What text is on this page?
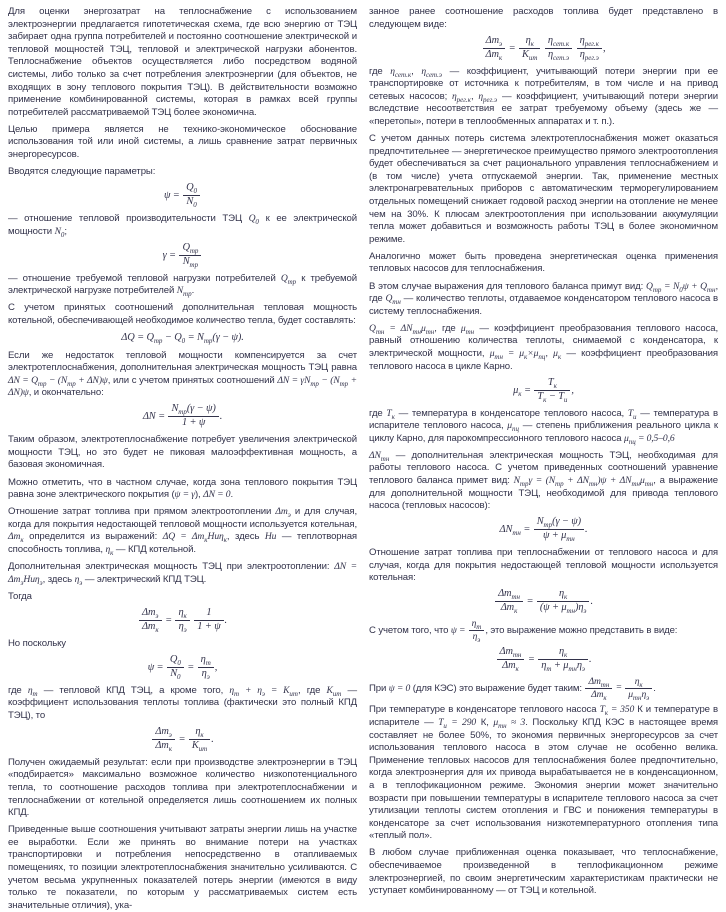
Для оценки энергозатрат на теплоснабжение с использованием электроэнергии предлагается гипотетическая схема, где всю энергию от ТЭЦ забирает одна группа потребителей и постоянно соотношение электрической и тепловой мощностей ТЭЦ, тепловой и электрической нагрузки абонентов. Теплоснабжение объектов осуществляется либо посредством водяной системы, либо только за счет потребления электроэнергии (для объектов, не входящих в зону теплового покрытия ТЭЦ). В действительности возможно применение комбинированной системы, которая в рамках всей группы потребителей рассматриваемой ТЭЦ более экономична.

Целью примера является не технико-экономическое обоснование использования той или иной системы, а лишь сравнение затрат первичных энергоресурсов.

Вводятся следующие параметры:

$\psi = \frac{Q_0}{N_0}$

— отношение тепловой производительности ТЭЦ $Q_0$ к ее электрической мощности $N_0$;

$\gamma = \frac{Q_{тр}}{N_{тр}}$

— отношение требуемой тепловой нагрузки потребителей $Q_{тр}$ к требуемой электрической нагрузке потребителей $N_{тр}$.

С учетом принятых соотношений дополнительная тепловая мощность котельной, обеспечивающей необходимое количество тепла, будет составлять:

$\Delta Q = Q_{тр} - Q_0 = N_{тр}(\gamma - \psi)$.

Если же недостаток тепловой мощности компенсируется за счет электротеплоснабжения, дополнительная электрическая мощность ТЭЦ равна $\Delta N = Q_{тр} - (N_{тр} + \Delta N)\psi$, или с учетом принятых соотношений $\Delta N = \gamma N_{тр} - (N_{тр} + \Delta N)\psi$, и окончательно:

$\Delta N = \frac{N_{тр}(\gamma - \psi)}{1 + \psi}$ .

Таким образом, электротеплоснабжение потребует увеличения электрической мощности ТЭЦ, но это будет не пиковая малоэффективная мощность, а базовая экономичная.

Можно отметить, что в частном случае, когда зона теплового покрытия ТЭЦ равна зоне электрического покрытия (ψ = γ), ΔN = 0.

Отношение затрат топлива при прямом электроотоплении $\Delta m_э$ и для случая, когда для покрытия недостающей тепловой мощности используется котельная, $\Delta m_к$ определится из выражений: $\Delta Q = \Delta m_кHu\eta_к$, здесь Hu — теплотворная способность топлива, $\eta_к$ — КПД котельной.

Дополнительная электрическая мощность ТЭЦ при электроотоплении: $\Delta N = \Delta m_эHu\eta_э$, здесь $\eta_э$ — электрический КПД ТЭЦ.

Тогда

$\frac{\Delta m_э}{\Delta m_к} = \frac{\eta_к}{\eta_э}$
$\frac{1}{1 + \psi}$ .

Но поскольку

$\psi = \frac{Q_0}{N_0} = \frac{\eta_т}{\eta_э}$ ,

где $\eta_т$ — тепловой КПД ТЭЦ, а кроме того, $\eta_т + \eta_э = K_{ит}$, где $K_{ит}$ — коэффициент использования теплоты топлива (фактически это полный КПД ТЭЦ), то

$\frac{\Delta m_э}{\Delta m_к} = \frac{\eta_к}{K_{ит}}$ .

Получен ожидаемый результат: если при производстве электроэнергии в ТЭЦ «подбирается» максимально возможное количество низкопотенциального тепла, то соотношение расходов топлива при электротеплоснабжении и теплоснабжении от котельной определяется лишь соотношением их полных КПД.

Приведенные выше соотношения учитывают затраты энергии лишь на участке ее выработки. Если же принять во внимание потери на участках транспортировки и потребления непосредственно в отапливаемых помещениях, то позиции электротеплоснабжения значительно усиливаются. С учетом весьма укрупненных показателей потерь энергии (имеются в виду только те показатели, по которым у рассматриваемых систем есть значительные отличия), ука-

занное ранее соотношение расходов топлива будет представлено в следующем виде:

$\frac{\Delta m_э}{\Delta m_к} = \frac{\eta_к}{K_{ит}}$
$\frac{\eta_{сет.к}}{\eta_{сет.э}}$
$\frac{\eta_{рег.к}}{\eta_{рег.э}}$ ,

где $\eta_{сет.к}$, $\eta_{сет.э}$ — коэффициент, учитывающий потери энергии при ее транспортировке от источника к потребителям, в том числе и на привод сетевых насосов; $\eta_{рег.к}$, $\eta_{рег.э}$ — коэффициент, учитывающий потери энергии вследствие несоответствия ее затрат требуемому объему (здесь же — «перетопы», потери в теплообменных аппаратах и т. п.).

С учетом данных потерь система электротеплоснабжения может оказаться предпочтительнее — энергетическое преимущество прямого электроотопления будет обеспечиваться за счет рационального управления теплоснабжением и (в том числе) учета отпускаемой энергии. Так, применение местных электронагревательных приборов с автоматическим терморегулированием отдельных помещений снижает годовой расход энергии на отопление не менее чем на 30%. К плюсам электроотопления при использовании аккумуляции тепла может добавиться и возможность работы ТЭЦ в более экономичном режиме.

Аналогично может быть проведена энергетическая оценка применения тепловых насосов для теплоснабжения.

В этом случае выражения для теплового баланса примут вид: $Q_{тр} = N_0\psi + Q_{тн}$, где $Q_{тн}$ — количество теплоты, отдаваемое конденсатором теплового насоса в систему теплоснабжения.

$Q_{тн} = \Delta N_{тн}\mu_{тн}$, где $\mu_{тн}$ — коэффициент преобразования теплового насоса, равный отношению количества теплоты, снимаемой с конденсатора, к электрической мощности, $\mu_{тн} = \mu_к\times\mu_{пц}$, $\mu_к$ — коэффициент преобразования теплового насоса в цикле Карно.

$\mu_к = \frac{T_к}{T_к - T_и}$ ,

где $T_к$ — температура в конденсаторе теплового насоса, $T_и$ — температура в испарителе теплового насоса, $\mu_{пц}$ — степень приближения реального цикла к циклу Карно, для парокомпрессионного теплового насоса $\mu_{пц} = 0,5-0,6$

$\Delta N_{тн}$ — дополнительная электрическая мощность ТЭЦ, необходимая для работы теплового насоса. С учетом приведенных соотношений уравнение теплового баланса примет вид: $N_{тр}\gamma = (N_{тр} + \Delta N_{тн})\psi + \Delta N_{тн}\mu_{тн}$, а выражение для дополнительной мощности ТЭЦ, необходимой для привода теплового насоса (тепловых насосов):

$\Delta N_{тн} = \frac{N_{тр}(\gamma - \psi)}{\psi + \mu_{тн}}$ .

Отношение затрат топлива при теплоснабжении от теплового насоса и для случая, когда для покрытия недостающей тепловой мощности используется котельная:

$\frac{\Delta m_{тн}}{\Delta m_к} = \frac{\eta_к}{(\psi + \mu_{тн})\eta_э}$ .

С учетом того, что $\psi = \frac{\eta_т}{\eta_э}$ , это выражение можно представить в виде:

$\frac{\Delta m_{тн}}{\Delta m_к} = \frac{\eta_к}{\eta_т + \mu_{тн}\eta_э}$ .

При ψ = 0 (для КЭС) это выражение будет таким: $\frac{\Delta m_{тн}}{\Delta m_к} = \frac{\eta_к}{\mu_{тн}\eta_э}$ .

При температуре в конденсаторе теплового насоса $T_к = 350$ К и температуре в испарителе — $T_и = 290$ К, $\mu_{тн} \approx 3$. Поскольку КПД КЭС в настоящее время составляет не более 50%, то экономия первичных энергоресурсов за счет использования теплового насоса в этом случае не особенно велика. Применение тепловых насосов для теплоснабжения более предпочтительно, когда электроэнергия для их привода вырабатывается не в конденсационном, а в теплофикационном режиме. Экономия энергии может значительно возрасти при повышении температуры в испарителе теплового насоса за счет утилизации теплоты систем отопления и ГВС и понижения температуры в конденсаторе за счет использования низкотемпературного отопления типа «теплый пол».

В любом случае приближенная оценка показывает, что теплоснабжение, обеспечиваемое произведенной в теплофикационном режиме электроэнергией, по своим энергетическим характеристикам практически не уступает комбинированному — от ТЭЦ и котельной.
